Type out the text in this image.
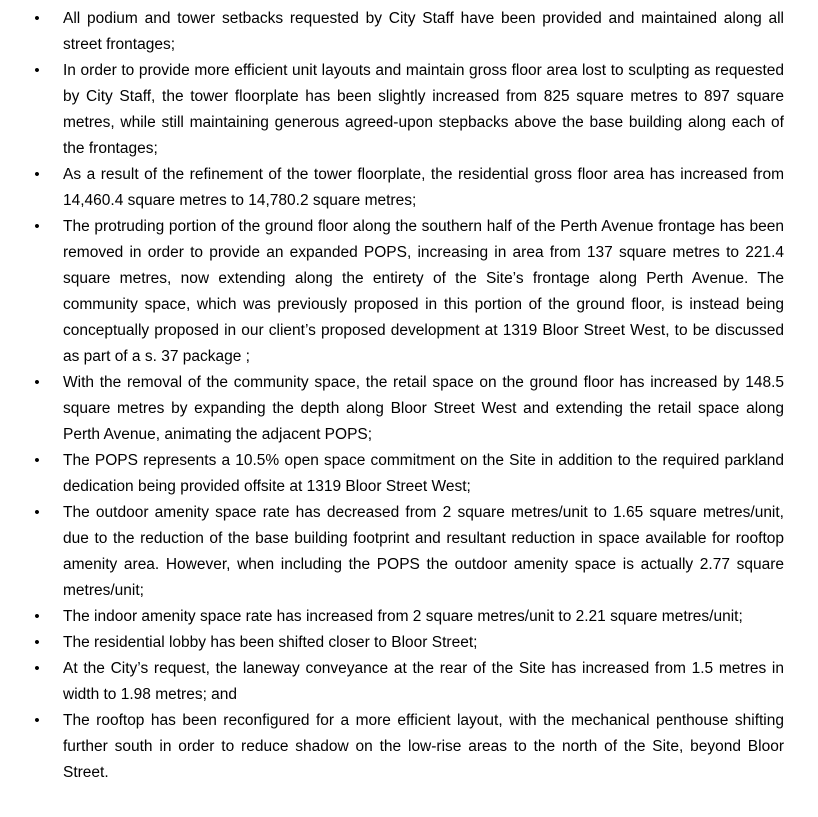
• All podium and tower setbacks requested by City Staff have been provided and maintained along all street frontages;
• In order to provide more efficient unit layouts and maintain gross floor area lost to sculpting as requested by City Staff, the tower floorplate has been slightly increased from 825 square metres to 897 square metres, while still maintaining generous agreed-upon stepbacks above the base building along each of the frontages;
• As a result of the refinement of the tower floorplate, the residential gross floor area has increased from 14,460.4 square metres to 14,780.2 square metres;
• The protruding portion of the ground floor along the southern half of the Perth Avenue frontage has been removed in order to provide an expanded POPS, increasing in area from 137 square metres to 221.4 square metres, now extending along the entirety of the Site’s frontage along Perth Avenue. The community space, which was previously proposed in this portion of the ground floor, is instead being conceptually proposed in our client’s proposed development at 1319 Bloor Street West, to be discussed as part of a s. 37 package ;
• With the removal of the community space, the retail space on the ground floor has increased by 148.5 square metres by expanding the depth along Bloor Street West and extending the retail space along Perth Avenue, animating the adjacent POPS;
• The POPS represents a 10.5% open space commitment on the Site in addition to the required parkland dedication being provided offsite at 1319 Bloor Street West;
• The outdoor amenity space rate has decreased from 2 square metres/unit to 1.65 square metres/unit, due to the reduction of the base building footprint and resultant reduction in space available for rooftop amenity area. However, when including the POPS the outdoor amenity space is actually 2.77 square metres/unit;
• The indoor amenity space rate has increased from 2 square metres/unit to 2.21 square metres/unit;
• The residential lobby has been shifted closer to Bloor Street;
• At the City’s request, the laneway conveyance at the rear of the Site has increased from 1.5 metres in width to 1.98 metres; and
• The rooftop has been reconfigured for a more efficient layout, with the mechanical penthouse shifting further south in order to reduce shadow on the low-rise areas to the north of the Site, beyond Bloor Street.
